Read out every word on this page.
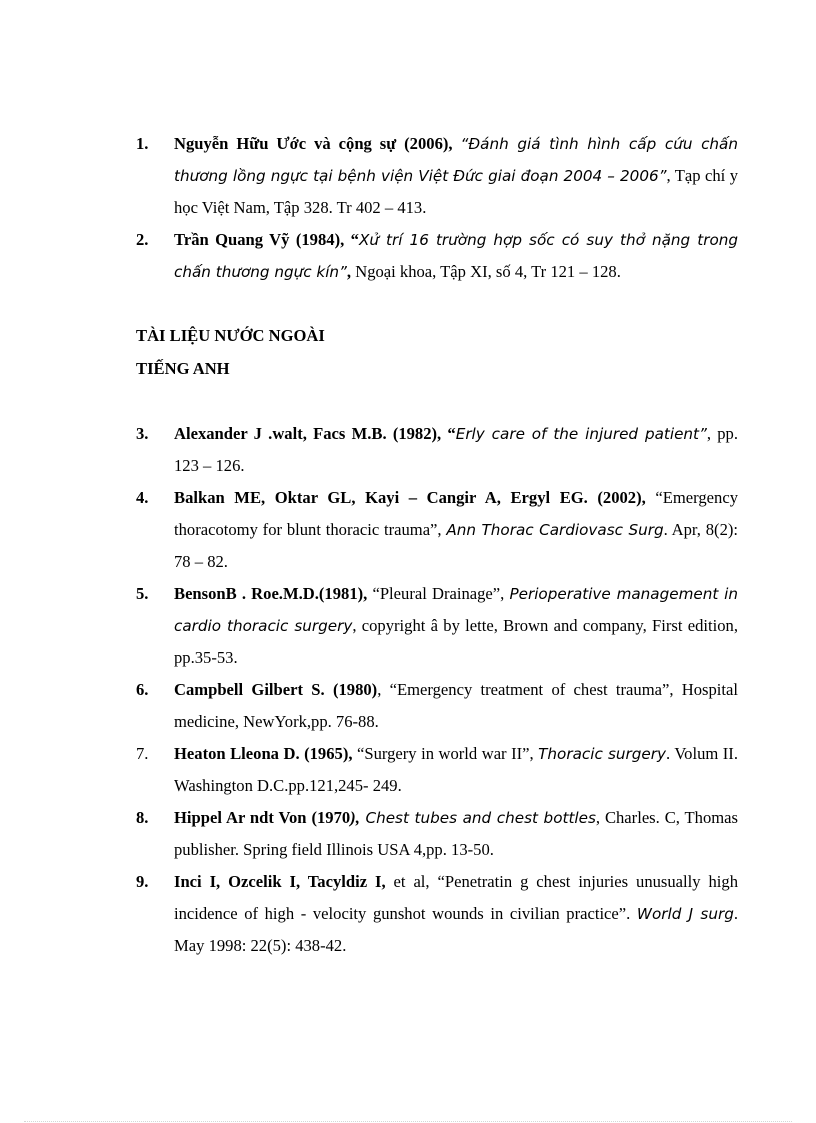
1. Nguyễn Hữu Ước và cộng sự (2006), “Đánh giá tình hình cấp cứu chấn thương lồng ngực tại bệnh viện Việt Đức giai đoạn 2004 – 2006”, Tạp chí y học Việt Nam, Tập 328. Tr 402 – 413.
2. Trần Quang Vỹ (1984), “Xử trí 16 trường hợp sốc có suy thở nặng trong chấn thương ngực kín”, Ngoại khoa, Tập XI, số 4, Tr 121 – 128.
TÀI LIỆU NƯỚC NGOÀI
TIẾNG ANH
3. Alexander J .walt, Facs M.B. (1982), “Erly care of the injured patient”, pp. 123 – 126.
4. Balkan ME, Oktar GL, Kayi – Cangir A, Ergyl EG. (2002), “Emergency thoracotomy for blunt thoracic trauma”, Ann Thorac Cardiovasc Surg. Apr, 8(2): 78 – 82.
5. BensonB . Roe.M.D.(1981), “Pleural Drainage”, Perioperative management in cardio thoracic surgery, copyright â by lette, Brown and company, First edition, pp.35-53.
6. Campbell Gilbert S. (1980), “Emergency treatment of chest trauma”, Hospital medicine, NewYork,pp. 76-88.
7. Heaton Lleona D. (1965), “Surgery in world war II”, Thoracic surgery. Volum II. Washington D.C.pp.121,245- 249.
8. Hippel Ar ndt Von (1970), Chest tubes and chest bottles, Charles. C, Thomas publisher. Spring field Illinois USA 4,pp. 13-50.
9. Inci I, Ozcelik I, Tacyldiz I, et al, “Penetratin g chest injuries unusually high incidence of high - velocity gunshot wounds in civilian practice”. World J surg. May 1998: 22(5): 438-42.
